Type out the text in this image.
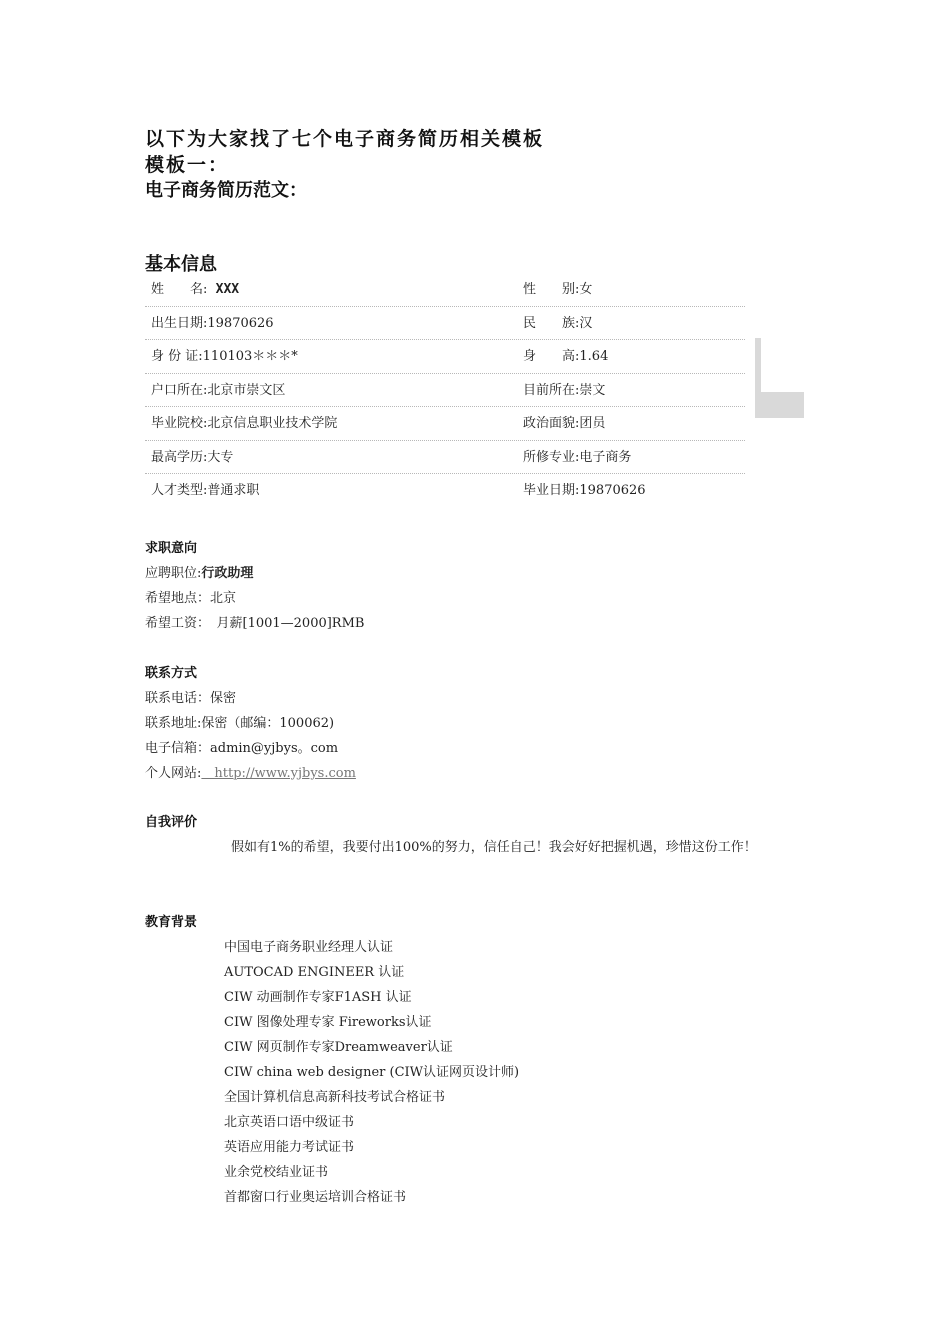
以下为大家找了七个电子商务简历相关模板
模板一：
电子商务简历范文：
基本信息
姓　　名: XXX	性　　别:女
出生日期:19870626	民　　族:汉
身 份 证:110103＊＊＊*	身　　高:1.64
户口所在:北京市崇文区	目前所在:崇文
毕业院校:北京信息职业技术学院	政治面貌:团员
最高学历:大专	所修专业:电子商务
人才类型:普通求职	毕业日期:19870626
求职意向
应聘职位:行政助理
希望地点：北京
希望工资：　月薪[1001—2000]RMB
联系方式
联系电话：保密
联系地址:保密（邮编：100062)
电子信箱：admin@yjbys。com
个人网站:　http://www.yjbys.com
自我评价
假如有1%的希望，我要付出100%的努力，信任自己！我会好好把握机遇，珍惜这份工作！
教育背景
中国电子商务职业经理人认证
AUTOCAD ENGINEER 认证
CIW 动画制作专家F1ASH 认证
CIW 图像处理专家 Fireworks认证
CIW 网页制作专家Dreamweaver认证
CIW china web designer (CIW认证网页设计师)
全国计算机信息高新科技考试合格证书
北京英语口语中级证书
英语应用能力考试证书
业余党校结业证书
首都窗口行业奥运培训合格证书
